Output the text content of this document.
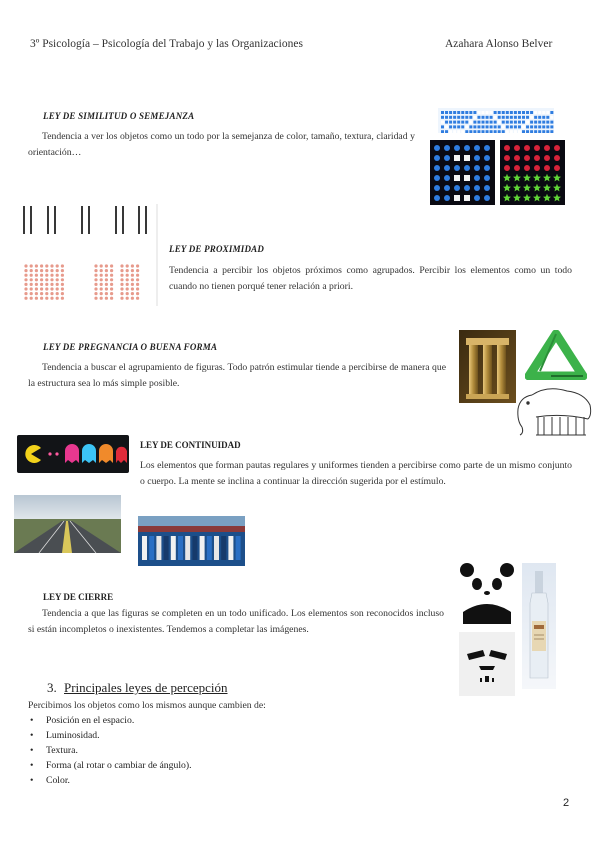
3º Psicología – Psicología del Trabajo y las Organizaciones	Azahara Alonso Belver
LEY DE SIMILITUD O SEMEJANZA
Tendencia a ver los objetos como un todo por la semejanza de color, tamaño, textura, claridad y orientación…
LEY DE PROXIMIDAD
Tendencia a percibir los objetos próximos como agrupados. Percibir los elementos como un todo cuando no tienen porqué tener relación a priori.
LEY DE PREGNANCIA O BUENA FORMA
Tendencia a buscar el agrupamiento de figuras. Todo patrón estimular tiende a percibirse de manera que la estructura sea lo más simple posible.
LEY DE CONTINUIDAD
Los elementos que forman pautas regulares y uniformes tienden a percibirse como parte de un mismo conjunto o cuerpo. La mente se inclina a continuar la dirección sugerida por el estímulo.
LEY DE CIERRE
Tendencia a que las figuras se completen en un todo unificado. Los elementos son reconocidos incluso si están incompletos o inexistentes. Tendemos a completar las imágenes.
3. Principales leyes de percepción
Percibimos los objetos como los mismos aunque cambien de:
• Posición en el espacio.
• Luminosidad.
• Textura.
• Forma (al rotar o cambiar de ángulo).
• Color.
2
